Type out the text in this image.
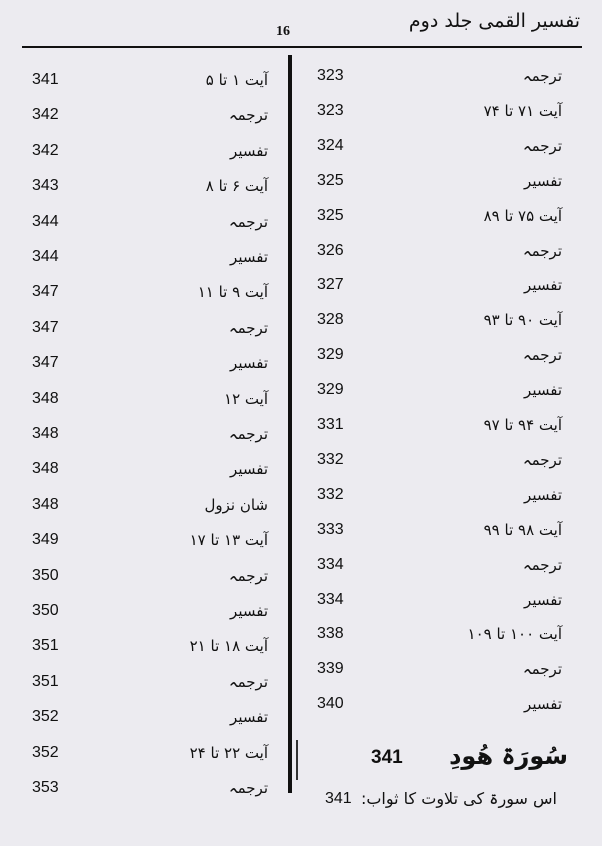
تفسیر القمی جلد دوم
16
341	آیت ۱ تا ۵
342	ترجمہ
342	تفسیر
343	آیت ۶ تا ۸
344	ترجمہ
344	تفسیر
347	آیت ۹ تا ۱۱
347	ترجمہ
347	تفسیر
348	آیت ۱۲
348	ترجمہ
348	تفسیر
348	شان نزول
349	آیت ۱۳ تا ۱۷
350	ترجمہ
350	تفسیر
351	آیت ۱۸ تا ۲۱
351	ترجمہ
352	تفسیر
352	آیت ۲۲ تا ۲۴
353	ترجمہ
323	ترجمہ
323	آیت ۷۱ تا ۷۴
324	ترجمہ
325	تفسیر
325	آیت ۷۵ تا ۸۹
326	ترجمہ
327	تفسیر
328	آیت ۹۰ تا ۹۳
329	ترجمہ
329	تفسیر
331	آیت ۹۴ تا ۹۷
332	ترجمہ
332	تفسیر
333	آیت ۹۸ تا ۹۹
334	ترجمہ
334	تفسیر
338	آیت ۱۰۰ تا ۱۰۹
339	ترجمہ
340	تفسیر
341 سُورَۃ ھُودِ
341 اس سورۃ کی تلاوت کا ثواب:
